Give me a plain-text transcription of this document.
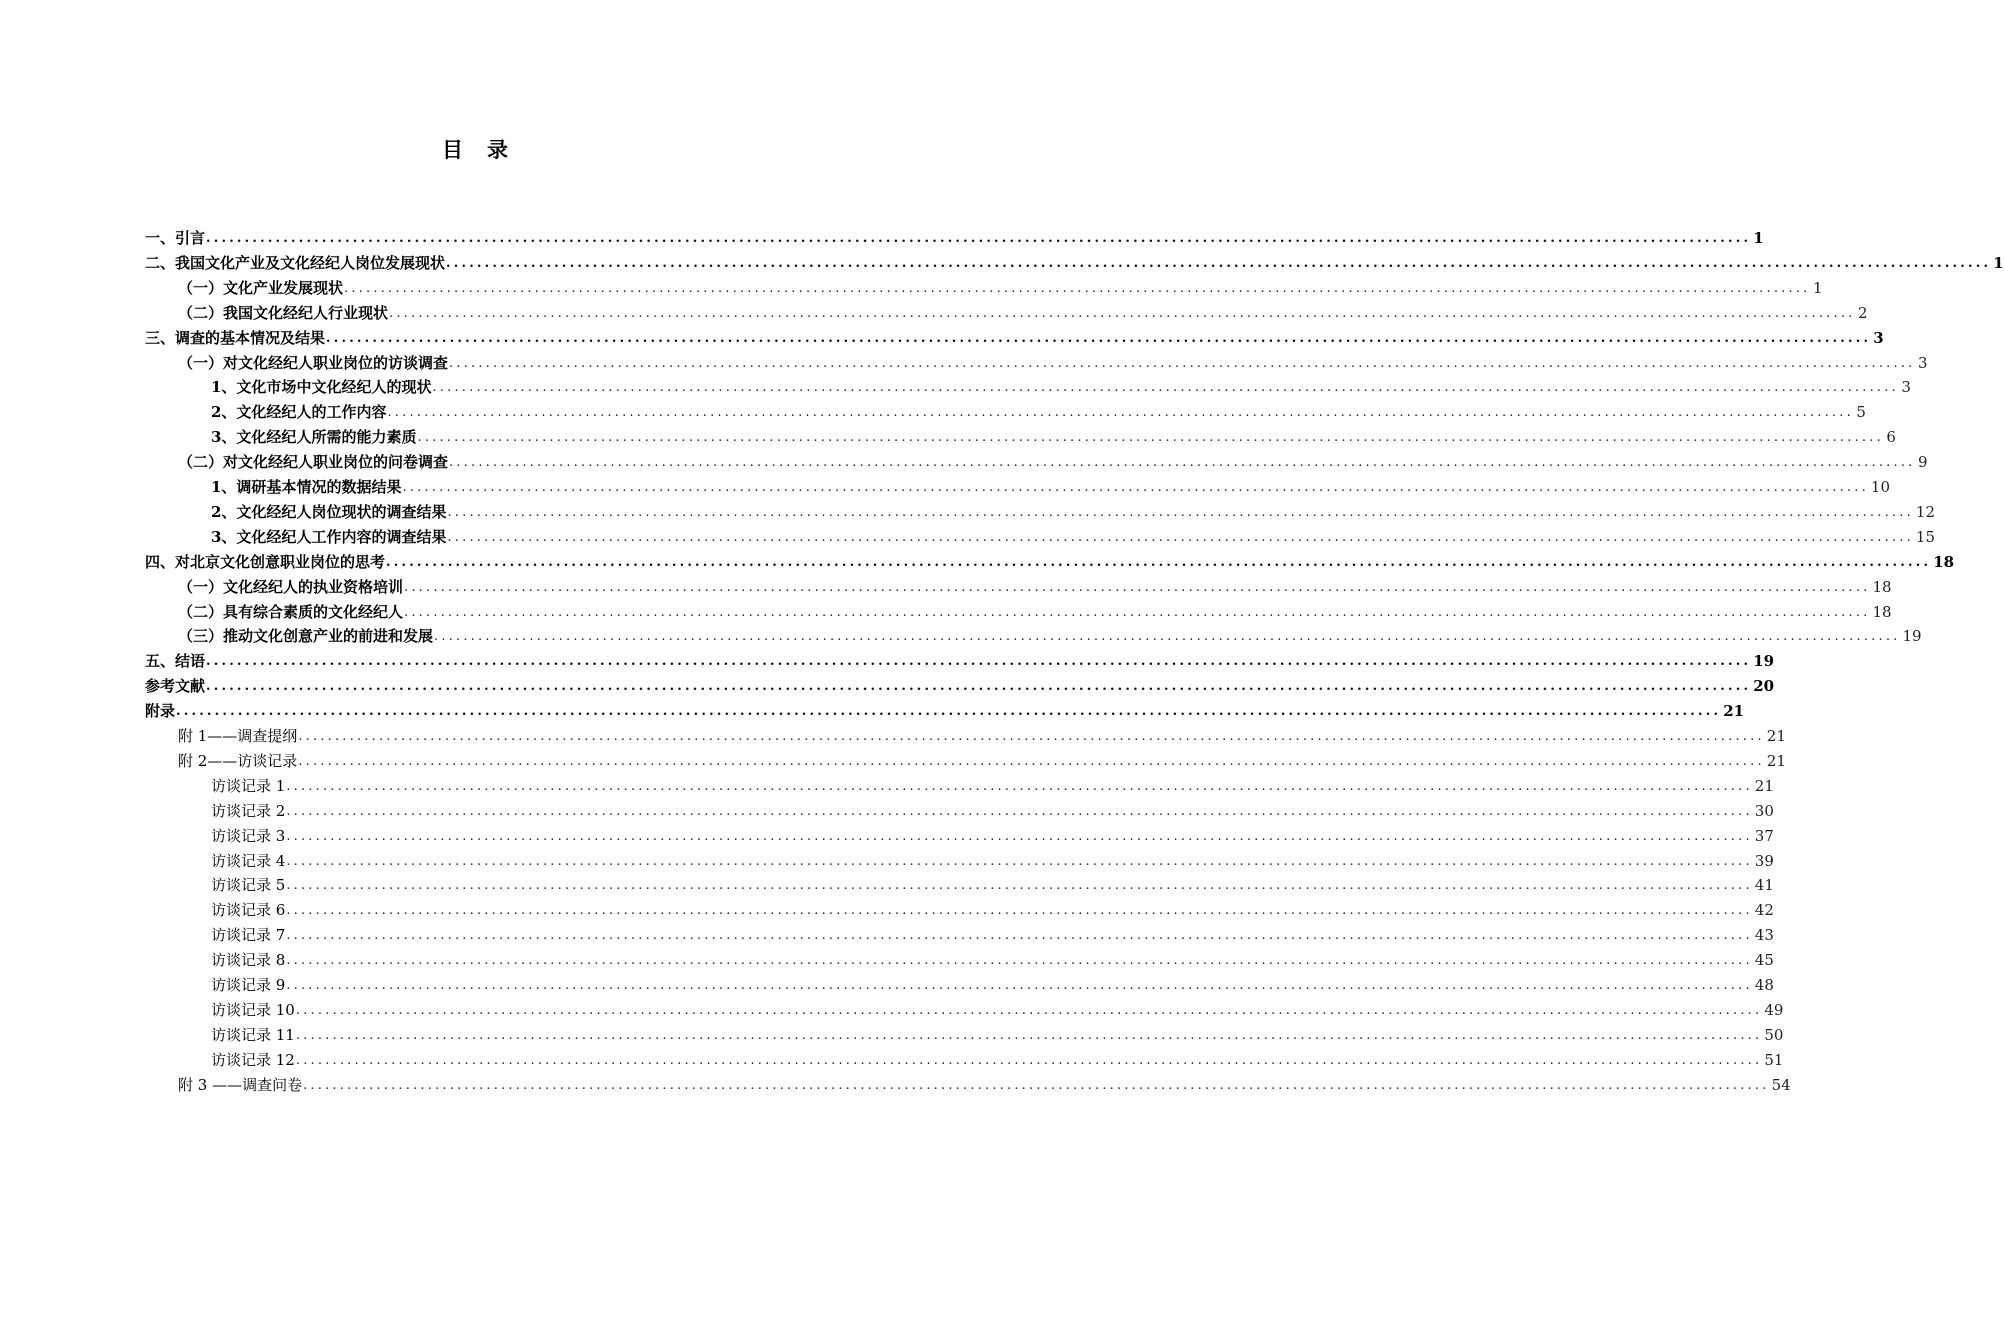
目 录
一、引言 ........................................................................................................................................................................................................ 1
二、我国文化产业及文化经纪人岗位发展现状 ........................................................................................................................................................................................................ 1
（一）文化产业发展现状 ........................................................................................................................................................................................................ 1
（二）我国文化经纪人行业现状 ........................................................................................................................................................................................................ 2
三、调查的基本情况及结果 ........................................................................................................................................................................................................ 3
（一）对文化经纪人职业岗位的访谈调查 ........................................................................................................................................................................................................ 3
1、文化市场中文化经纪人的现状 ........................................................................................................................................................................................................ 3
2、文化经纪人的工作内容 ........................................................................................................................................................................................................ 5
3、文化经纪人所需的能力素质 ........................................................................................................................................................................................................ 6
（二）对文化经纪人职业岗位的问卷调查 ........................................................................................................................................................................................................ 9
1、调研基本情况的数据结果 ........................................................................................................................................................................................................ 10
2、文化经纪人岗位现状的调查结果 ........................................................................................................................................................................................................ 12
3、文化经纪人工作内容的调查结果 ........................................................................................................................................................................................................ 15
四、对北京文化创意职业岗位的思考 ........................................................................................................................................................................................................ 18
（一）文化经纪人的执业资格培训 ........................................................................................................................................................................................................ 18
（二）具有综合素质的文化经纪人 ........................................................................................................................................................................................................ 18
（三）推动文化创意产业的前进和发展 ........................................................................................................................................................................................................ 19
五、结语 ........................................................................................................................................................................................................ 19
参考文献 ........................................................................................................................................................................................................ 20
附录 ........................................................................................................................................................................................................ 21
附 1——调查提纲 ........................................................................................................................................................................................................ 21
附 2——访谈记录 ........................................................................................................................................................................................................ 21
访谈记录 1 ........................................................................................................................................................................................................ 21
访谈记录 2 ........................................................................................................................................................................................................ 30
访谈记录 3 ........................................................................................................................................................................................................ 37
访谈记录 4 ........................................................................................................................................................................................................ 39
访谈记录 5 ........................................................................................................................................................................................................ 41
访谈记录 6 ........................................................................................................................................................................................................ 42
访谈记录 7 ........................................................................................................................................................................................................ 43
访谈记录 8 ........................................................................................................................................................................................................ 45
访谈记录 9 ........................................................................................................................................................................................................ 48
访谈记录 10 ........................................................................................................................................................................................................ 49
访谈记录 11 ........................................................................................................................................................................................................ 50
访谈记录 12 ........................................................................................................................................................................................................ 51
附 3 ——调查问卷 ........................................................................................................................................................................................................ 54
